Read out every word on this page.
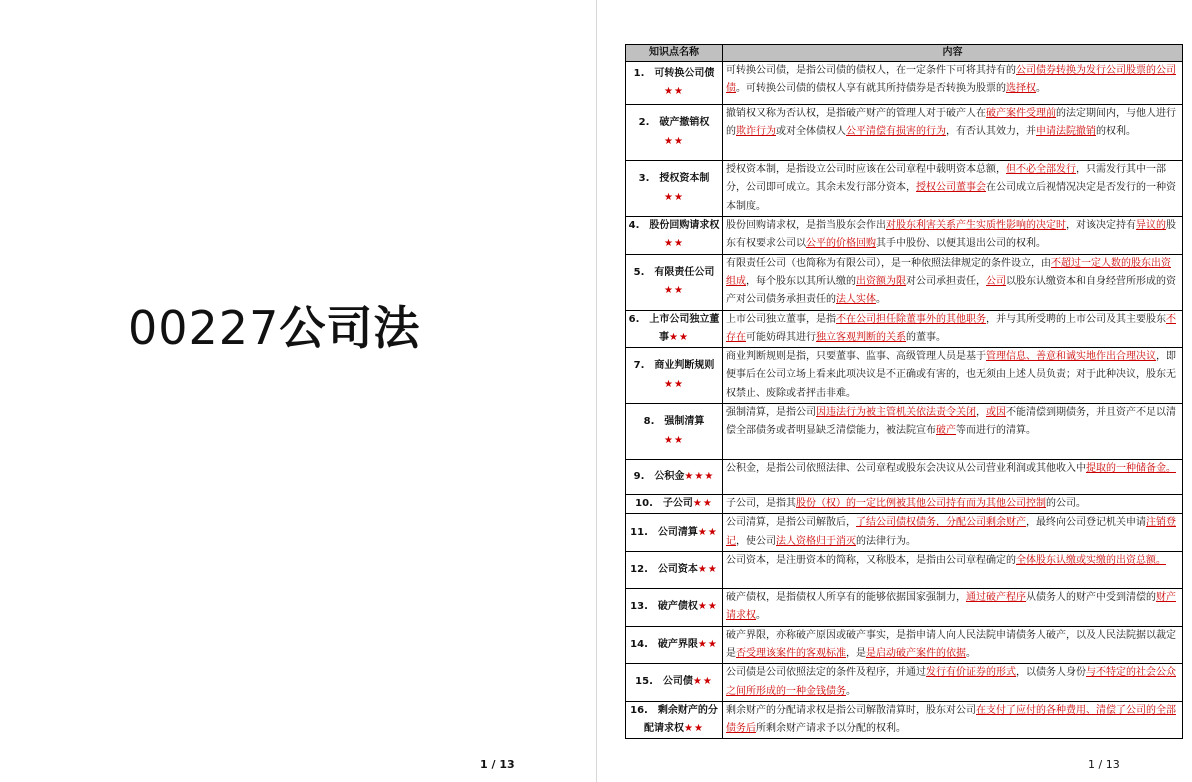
00227公司法
1 / 13
知识点名称	内容
1.　可转换公司债
★★	可转换公司债，是指公司债的债权人，在一定条件下可将其持有的公司债券转换为发行公司股票的公司债。可转换公司债的债权人享有就其所持债券是否转换为股票的选择权。
2.　破产撤销权
★★	撤销权又称为否认权，是指破产财产的管理人对于破产人在破产案件受理前的法定期间内，与他人进行的欺诈行为或对全体债权人公平清偿有损害的行为，有否认其效力，并申请法院撤销的权利。
3.　授权资本制
★★	授权资本制，是指设立公司时应该在公司章程中载明资本总额，但不必全部发行，只需发行其中一部分，公司即可成立。其余未发行部分资本，授权公司董事会在公司成立后视情况决定是否发行的一种资本制度。
4.　股份回购请求权★★	股份回购请求权，是指当股东会作出对股东利害关系产生实质性影响的决定时，对该决定持有异议的股东有权要求公司以公平的价格回购其手中股份、以便其退出公司的权利。
5.　有限责任公司
★★	有限责任公司（也简称为有限公司），是一种依照法律规定的条件设立，由不超过一定人数的股东出资组成，每个股东以其所认缴的出资额为限对公司承担责任，公司以股东认缴资本和自身经营所形成的资产对公司债务承担责任的法人实体。
6.　上市公司独立董事★★	上市公司独立董事，是指不在公司担任除董事外的其他职务，并与其所受聘的上市公司及其主要股东不存在可能妨碍其进行独立客观判断的关系的董事。
7.　商业判断规则
★★	商业判断规则是指，只要董事、监事、高级管理人员是基于管理信息、善意和诚实地作出合理决议，即便事后在公司立场上看来此项决议是不正确或有害的，也无须由上述人员负责；对于此种决议，股东无权禁止、废除或者抨击非难。
8.　强制清算
★★	强制清算，是指公司因违法行为被主管机关依法责令关闭，或因不能清偿到期债务，并且资产不足以清偿全部债务或者明显缺乏清偿能力，被法院宣布破产等而进行的清算。
9.　公积金★★★	公积金，是指公司依照法律、公司章程或股东会决议从公司营业利润或其他收入中提取的一种储备金。
10.　子公司★★	子公司，是指其股份（权）的一定比例被其他公司持有而为其他公司控制的公司。
11.　公司清算★★	公司清算，是指公司解散后，了结公司债权债务，分配公司剩余财产，最终向公司登记机关申请注销登记，使公司法人资格归于消灭的法律行为。
12.　公司资本★★	公司资本，是注册资本的简称，又称股本，是指由公司章程确定的全体股东认缴或实缴的出资总额。
13.　破产债权★★	破产债权，是指债权人所享有的能够依据国家强制力，通过破产程序从债务人的财产中受到清偿的财产请求权。
14.　破产界限★★	破产界限，亦称破产原因或破产事实，是指申请人向人民法院申请债务人破产，以及人民法院据以裁定是否受理该案件的客观标准，是是启动破产案件的依据。
15.　公司债★★	公司债是公司依照法定的条件及程序，并通过发行有价证券的形式，以债务人身份与不特定的社会公众之间所形成的一种金钱债务。
16.　剩余财产的分配请求权★★	剩余财产的分配请求权是指公司解散清算时，股东对公司在支付了应付的各种费用、清偿了公司的全部债务后所剩余财产请求予以分配的权利。
1 / 13
